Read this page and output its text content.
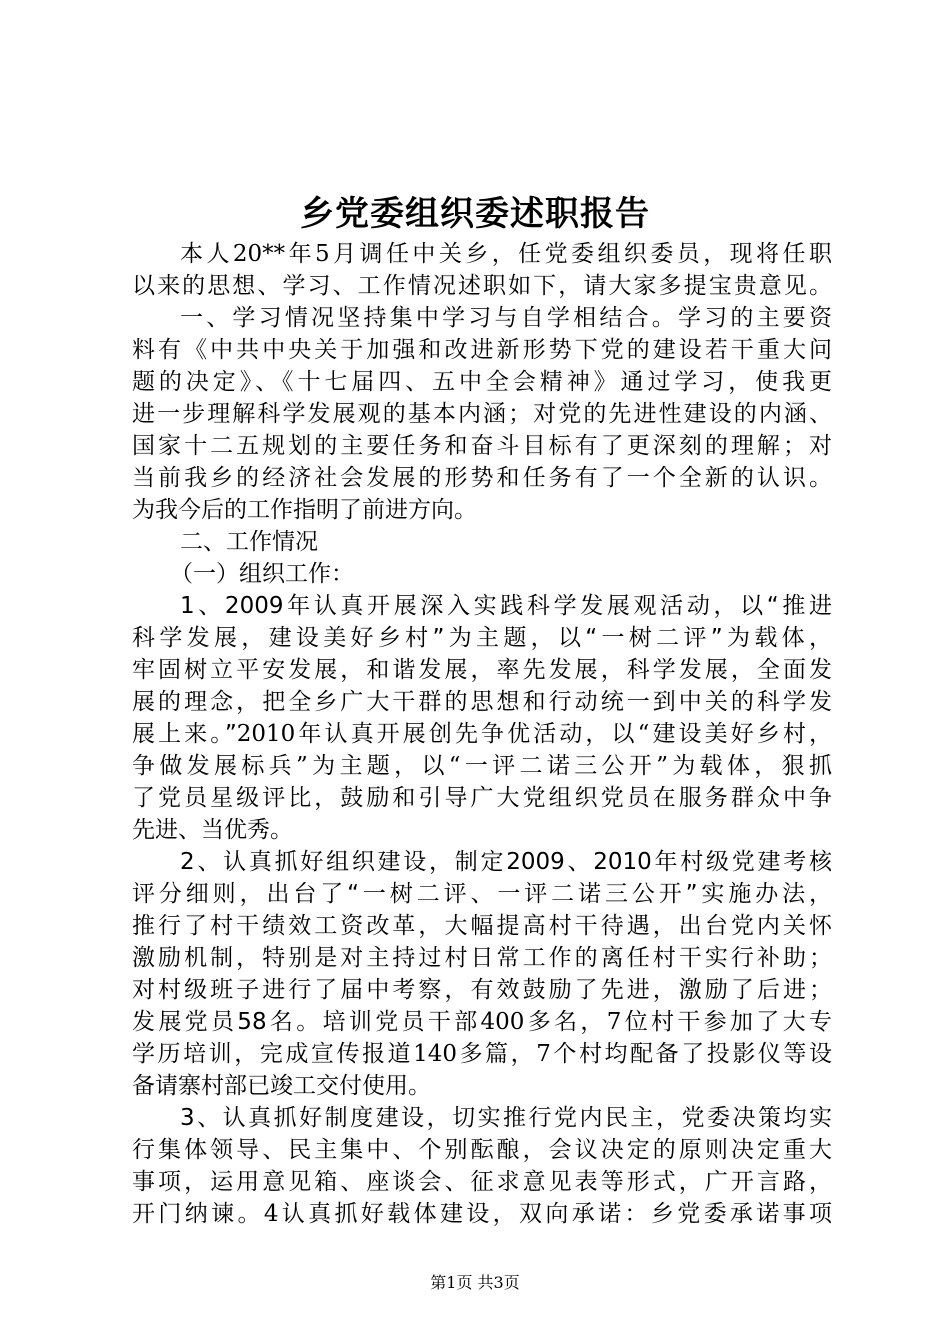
乡党委组织委述职报告
本人20**年5月调任中关乡，任党委组织委员，现将任职
以来的思想、学习、工作情况述职如下，请大家多提宝贵意见。
一、学习情况坚持集中学习与自学相结合。学习的主要资
料有《中共中央关于加强和改进新形势下党的建设若干重大问
题的决定》、《十七届四、五中全会精神》通过学习，使我更
进一步理解科学发展观的基本内涵；对党的先进性建设的内涵、
国家十二五规划的主要任务和奋斗目标有了更深刻的理解；对
当前我乡的经济社会发展的形势和任务有了一个全新的认识。
为我今后的工作指明了前进方向。
二、工作情况
（一）组织工作：
1、2009年认真开展深入实践科学发展观活动，以“推进
科学发展，建设美好乡村”为主题，以“一树二评”为载体，
牢固树立平安发展，和谐发展，率先发展，科学发展，全面发
展的理念，把全乡广大干群的思想和行动统一到中关的科学发
展上来。”2010年认真开展创先争优活动，以“建设美好乡村，
争做发展标兵”为主题，以“一评二诺三公开”为载体，狠抓
了党员星级评比，鼓励和引导广大党组织党员在服务群众中争
先进、当优秀。
2、认真抓好组织建设，制定2009、2010年村级党建考核
评分细则，出台了“一树二评、一评二诺三公开”实施办法，
推行了村干绩效工资改革，大幅提高村干待遇，出台党内关怀
激励机制，特别是对主持过村日常工作的离任村干实行补助；
对村级班子进行了届中考察，有效鼓励了先进，激励了后进；
发展党员58名。培训党员干部400多名，7位村干参加了大专
学历培训，完成宣传报道140多篇，7个村均配备了投影仪等设
备请寨村部已竣工交付使用。
3、认真抓好制度建设，切实推行党内民主，党委决策均实
行集体领导、民主集中、个别酝酿，会议决定的原则决定重大
事项，运用意见箱、座谈会、征求意见表等形式，广开言路，
开门纳谏。4认真抓好载体建设，双向承诺：乡党委承诺事项
第1页 共3页
